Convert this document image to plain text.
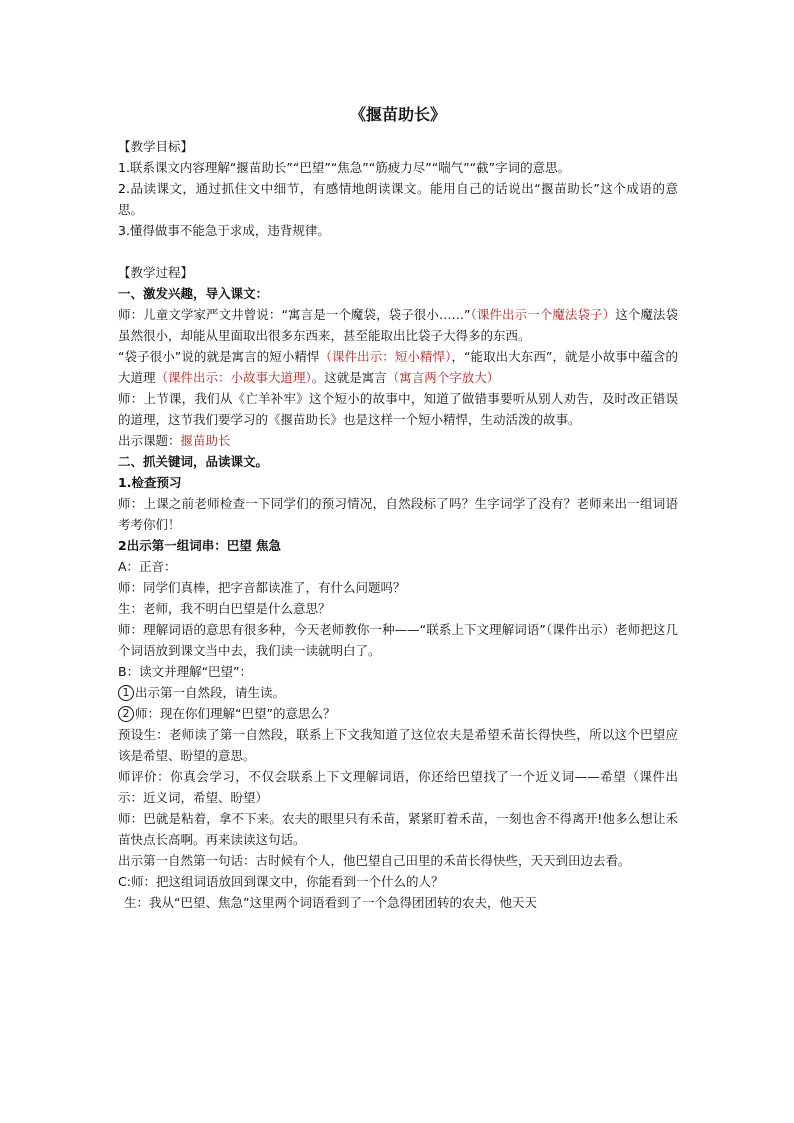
《揠苗助长》

【教学目标】

1.联系课文内容理解“揠苗助长”“巴望”“焦急”“筋疲力尽”“喘气”“截”字词的意思。

2.品读课文，通过抓住文中细节，有感情地朗读课文。能用自己的话说出“揠苗助长”这个成语的意思。

3.懂得做事不能急于求成，违背规律。

【教学过程】

一、激发兴趣，导入课文：

师：儿童文学家严文井曾说：“寓言是一个魔袋，袋子很小……”（课件出示一个魔法袋子）这个魔法袋虽然很小，却能从里面取出很多东西来，甚至能取出比袋子大得多的东西。

“袋子很小”说的就是寓言的短小精悍（课件出示：短小精悍），“能取出大东西”，就是小故事中蕴含的大道理（课件出示：小故事大道理）。这就是寓言（寓言两个字放大）

师：上节课，我们从《亡羊补牢》这个短小的故事中，知道了做错事要听从别人劝告，及时改正错误的道理，这节我们要学习的《揠苗助长》也是这样一个短小精悍，生动活泼的故事。

出示课题：揠苗助长

二、抓关键词，品读课文。

1.检查预习

师：上课之前老师检查一下同学们的预习情况，自然段标了吗？生字词学了没有？老师来出一组词语考考你们！

2出示第一组词串：巴望 焦急

A：正音：

师：同学们真棒，把字音都读准了，有什么问题吗？

生：老师，我不明白巴望是什么意思？

师：理解词语的意思有很多种，今天老师教你一种——“联系上下文理解词语”（课件出示）老师把这几个词语放到课文当中去，我们读一读就明白了。

B：读文并理解“巴望”：

1 出示第一自然段，请生读。

2 师：现在你们理解“巴望”的意思么？

预设生：老师读了第一自然段，联系上下文我知道了这位农夫是希望禾苗长得快些，所以这个巴望应该是希望、盼望的意思。

师评价：你真会学习，不仅会联系上下文理解词语，你还给巴望找了一个近义词——希望（课件出示：近义词，希望、盼望）

师：巴就是粘着，拿不下来。农夫的眼里只有禾苗，紧紧盯着禾苗，一刻也舍不得离开!他多么想让禾苗快点长高啊。再来读读这句话。

出示第一自然第一句话：古时候有个人，他巴望自己田里的禾苗长得快些，天天到田边去看。

C:师：把这组词语放回到课文中，你能看到一个什么的人？

生：我从“巴望、焦急”这里两个词语看到了一个急得团团转的农夫，他天天
